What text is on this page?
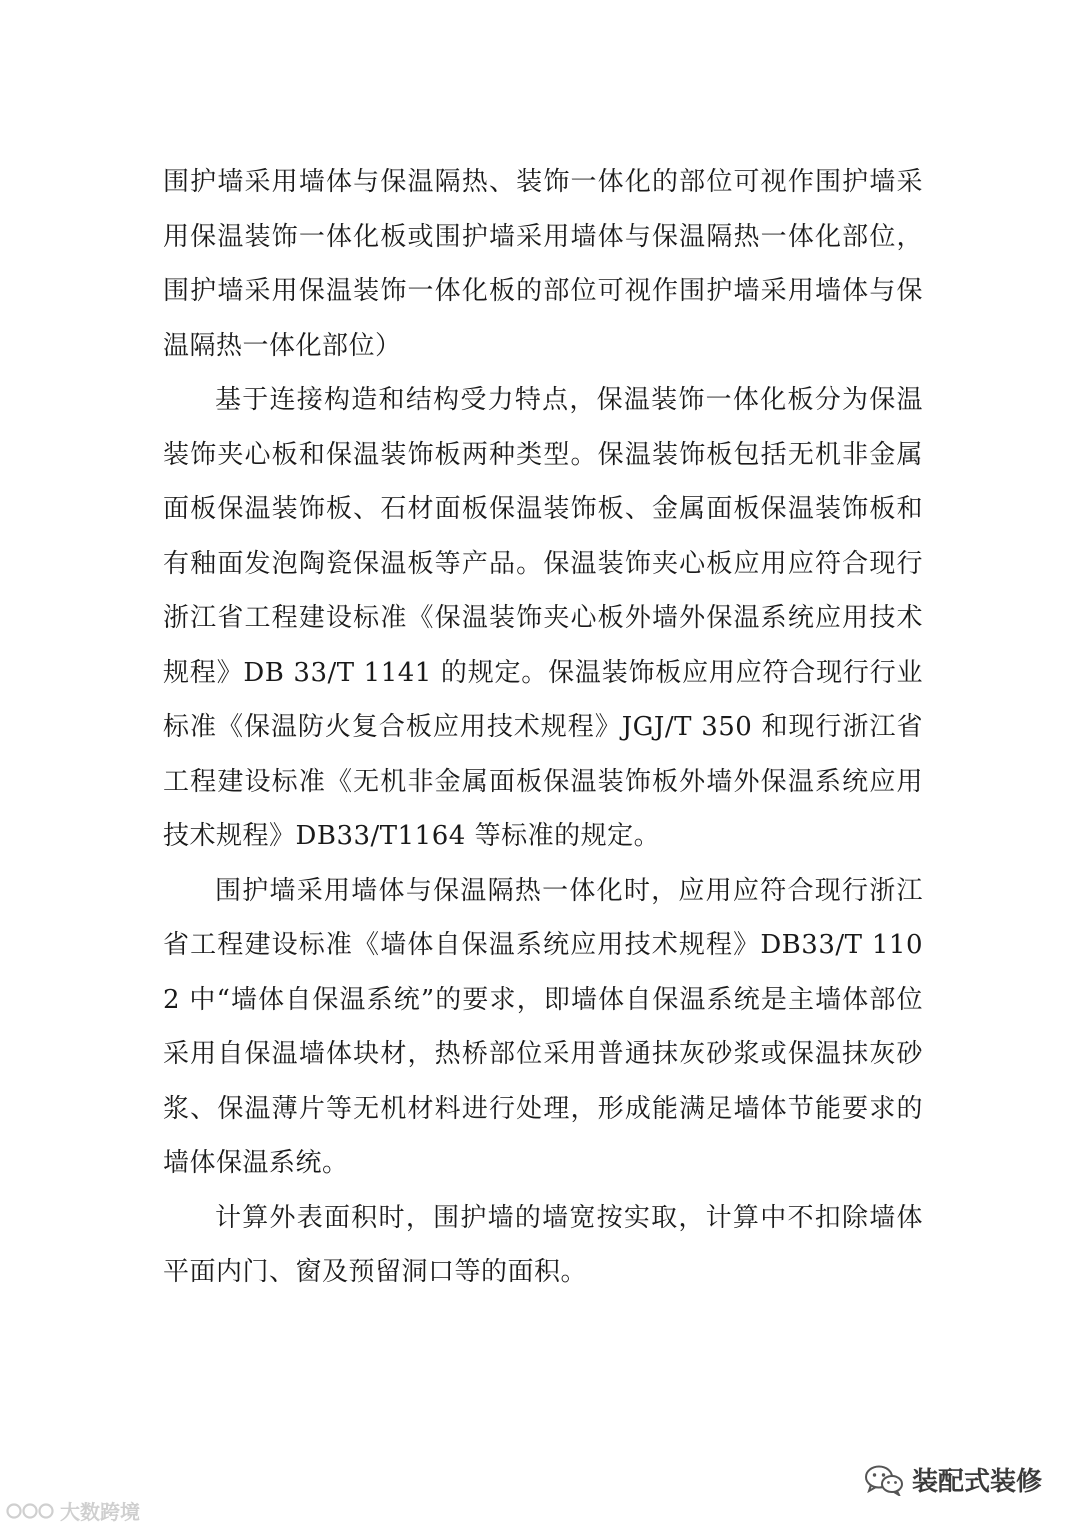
围护墙采用墙体与保温隔热、装饰一体化的部位可视作围护墙采用保温装饰一体化板或围护墙采用墙体与保温隔热一体化部位，围护墙采用保温装饰一体化板的部位可视作围护墙采用墙体与保温隔热一体化部位）

基于连接构造和结构受力特点，保温装饰一体化板分为保温装饰夹心板和保温装饰板两种类型。保温装饰板包括无机非金属面板保温装饰板、石材面板保温装饰板、金属面板保温装饰板和有釉面发泡陶瓷保温板等产品。保温装饰夹心板应用应符合现行浙江省工程建设标准《保温装饰夹心板外墙外保温系统应用技术规程》DB 33/T 1141 的规定。保温装饰板应用应符合现行行业标准《保温防火复合板应用技术规程》JGJ/T 350 和现行浙江省工程建设标准《无机非金属面板保温装饰板外墙外保温系统应用技术规程》DB33/T1164 等标准的规定。

围护墙采用墙体与保温隔热一体化时，应用应符合现行浙江省工程建设标准《墙体自保温系统应用技术规程》DB33/T 1102 中“墙体自保温系统”的要求，即墙体自保温系统是主墙体部位采用自保温墙体块材，热桥部位采用普通抹灰砂浆或保温抹灰砂浆、保温薄片等无机材料进行处理，形成能满足墙体节能要求的墙体保温系统。

计算外表面积时，围护墙的墙宽按实取，计算中不扣除墙体平面内门、窗及预留洞口等的面积。

装配式装修
大数跨境
